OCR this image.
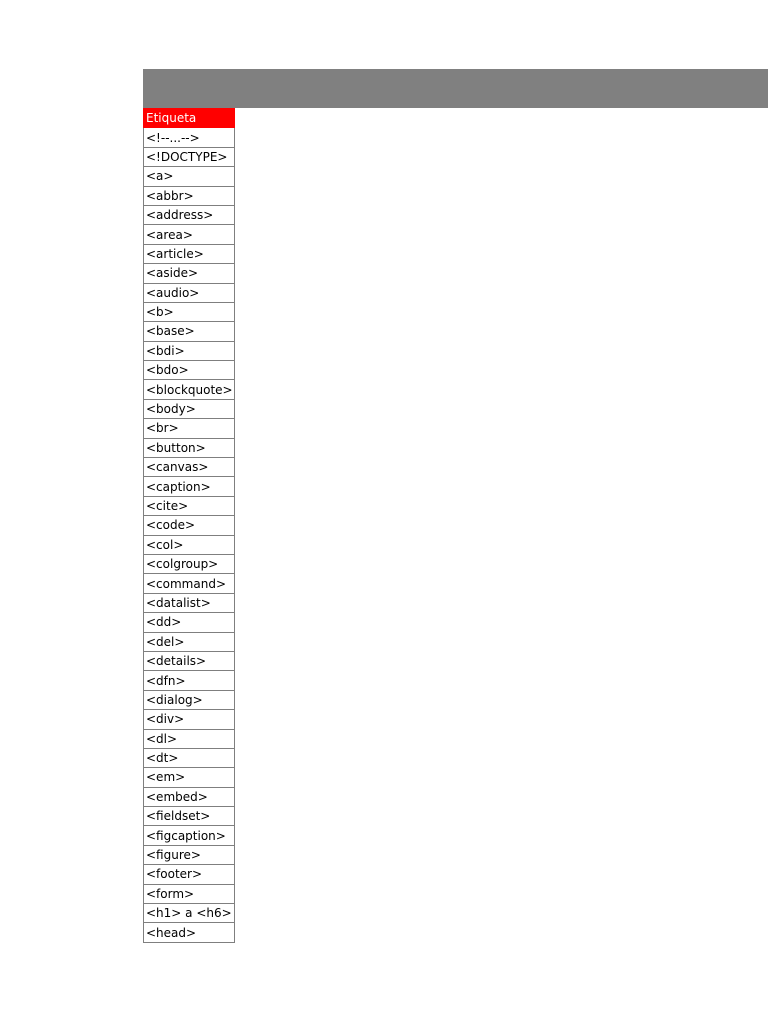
Etiqueta
<!--...-->
<!DOCTYPE>
<a>
<abbr>
<address>
<area>
<article>
<aside>
<audio>
<b>
<base>
<bdi>
<bdo>
<blockquote>
<body>
<br>
<button>
<canvas>
<caption>
<cite>
<code>
<col>
<colgroup>
<command>
<datalist>
<dd>
<del>
<details>
<dfn>
<dialog>
<div>
<dl>
<dt>
<em>
<embed>
<fieldset>
<figcaption>
<figure>
<footer>
<form>
<h1> a <h6>
<head>
